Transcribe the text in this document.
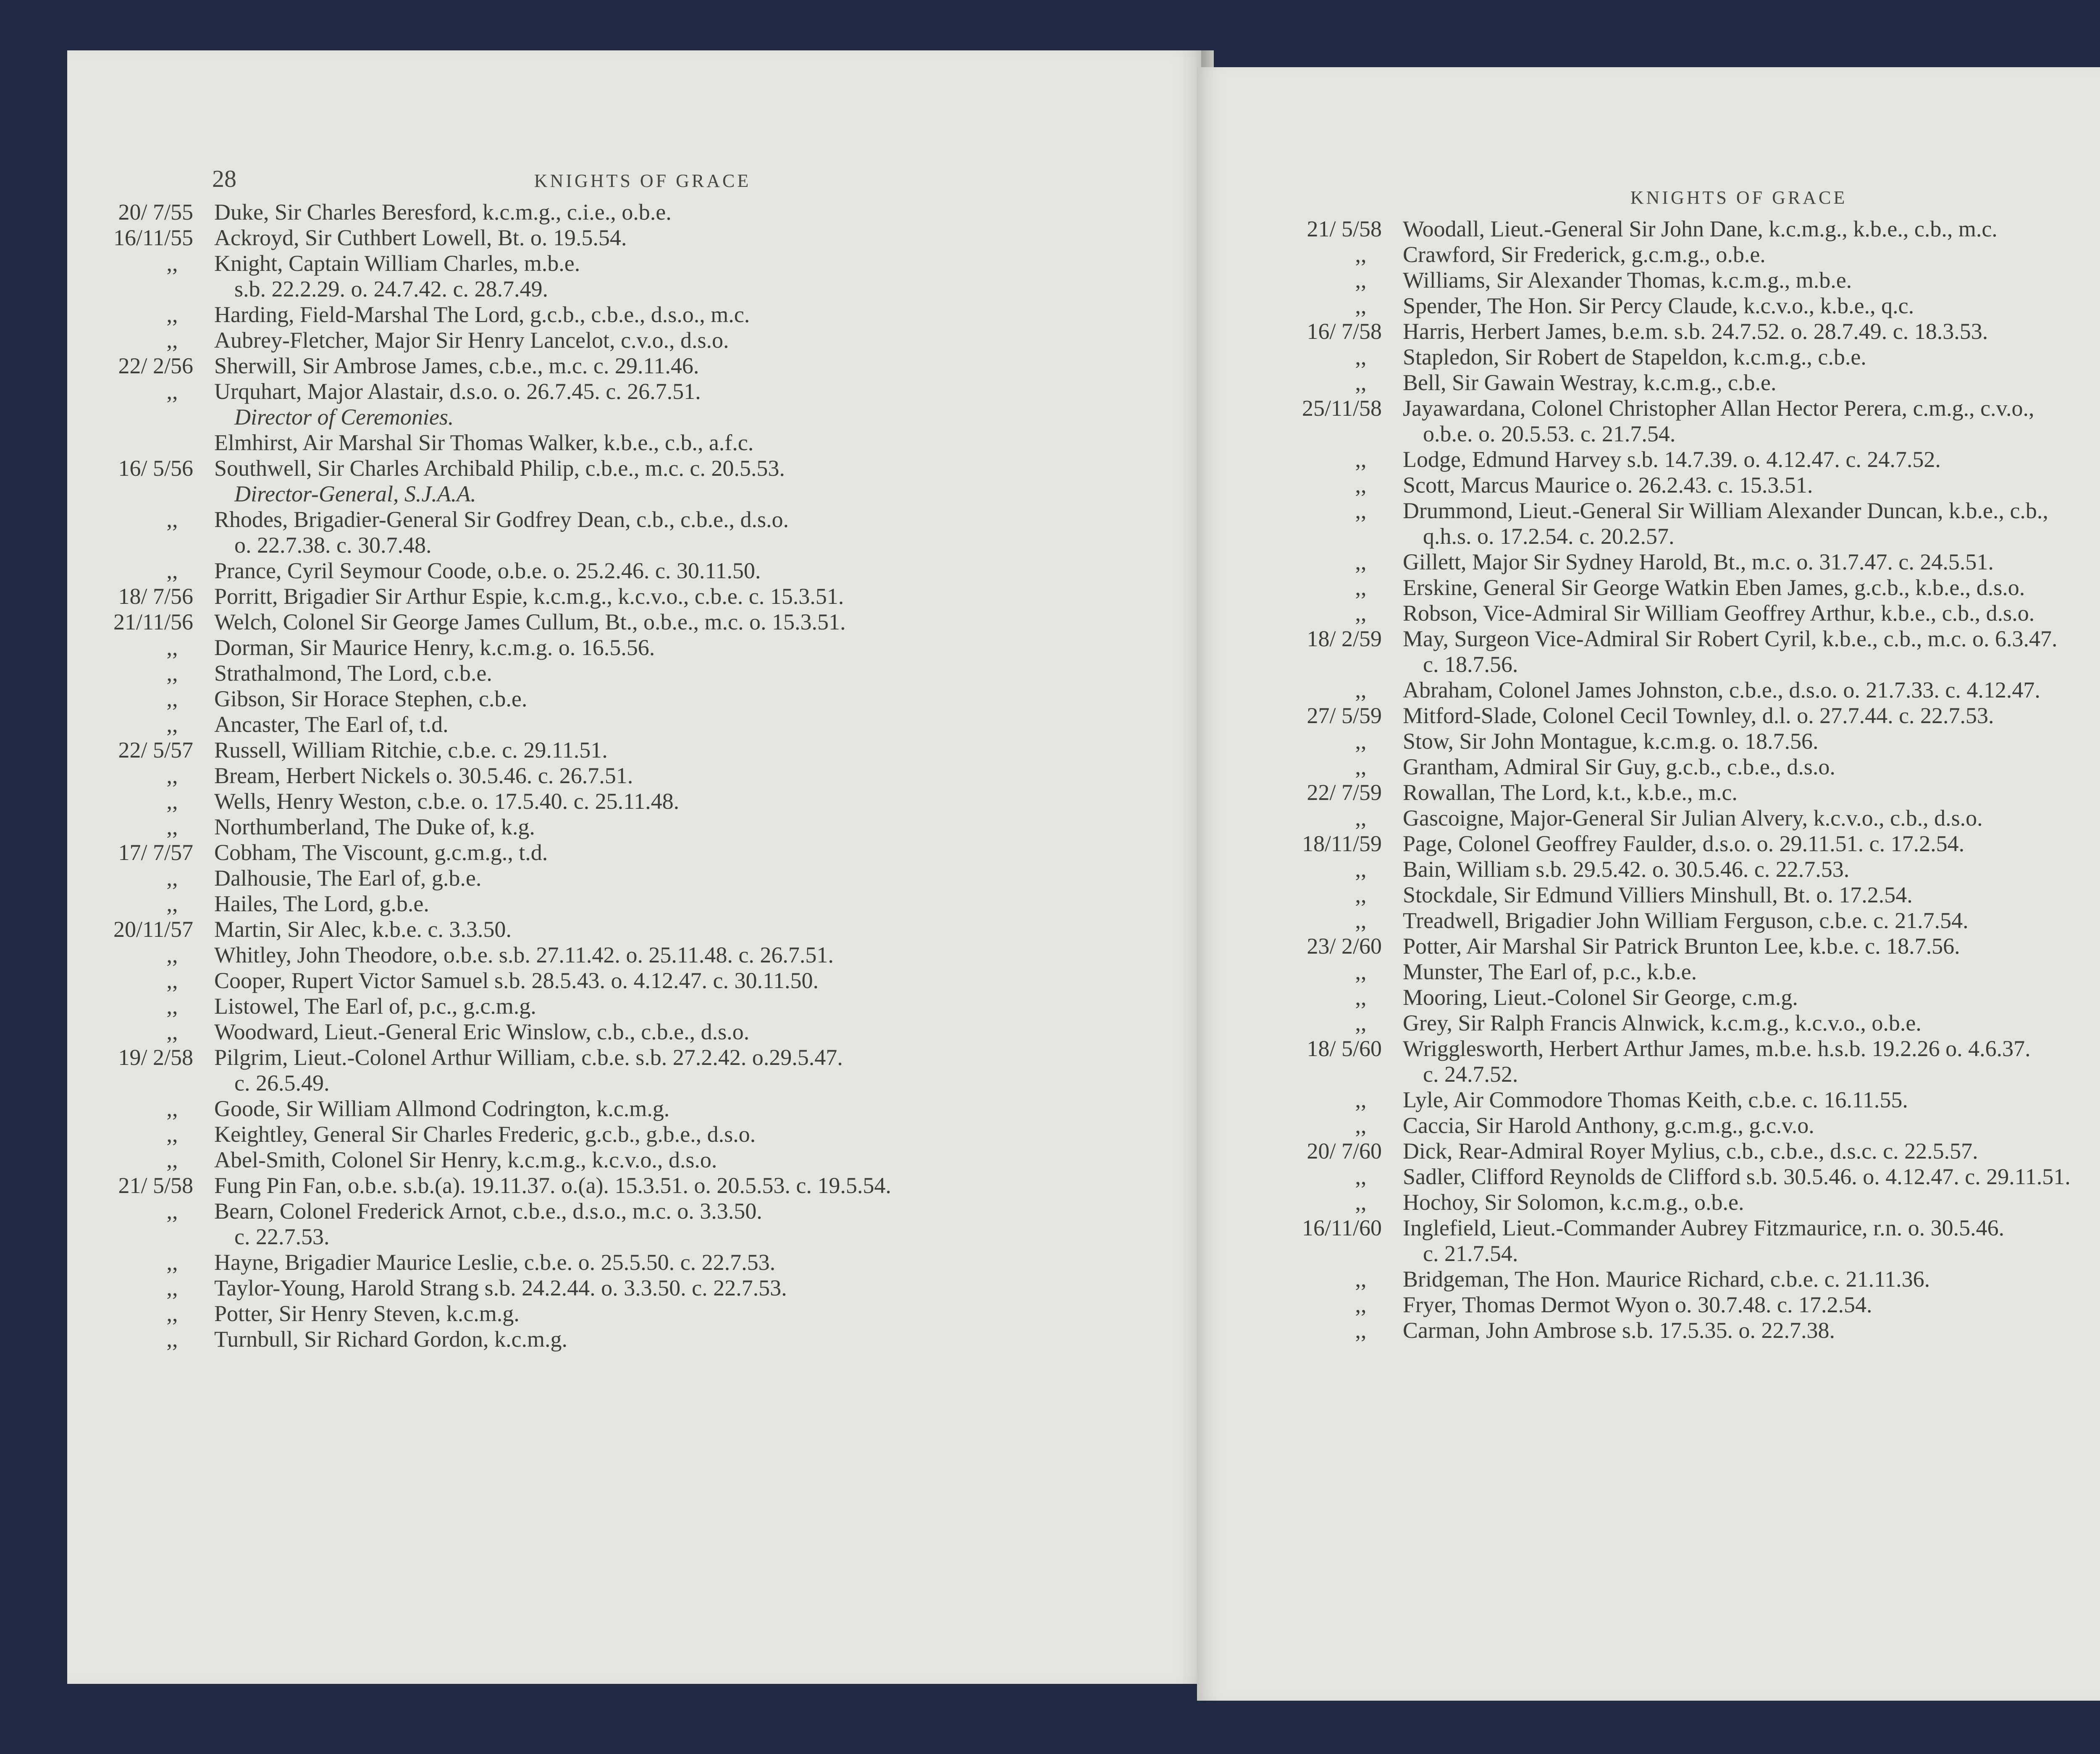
28	KNIGHTS OF GRACE
20/ 7/55 Duke, Sir Charles Beresford, k.c.m.g., c.i.e., o.b.e.
16/11/55 Ackroyd, Sir Cuthbert Lowell, Bt. o. 19.5.54.
,,	Knight, Captain William Charles, m.b.e.
s.b. 22.2.29. o. 24.7.42. c. 28.7.49.
,,	Harding, Field-Marshal The Lord, g.c.b., c.b.e., d.s.o., m.c.
,,	Aubrey-Fletcher, Major Sir Henry Lancelot, c.v.o., d.s.o.
22/ 2/56 Sherwill, Sir Ambrose James, c.b.e., m.c. c. 29.11.46.
,,	Urquhart, Major Alastair, d.s.o. o. 26.7.45. c. 26.7.51.
Director of Ceremonies.
Elmhirst, Air Marshal Sir Thomas Walker, k.b.e., c.b., a.f.c.
16/ 5/56 Southwell, Sir Charles Archibald Philip, c.b.e., m.c. c. 20.5.53.
Director-General, S.J.A.A.
,,	Rhodes, Brigadier-General Sir Godfrey Dean, c.b., c.b.e., d.s.o.
o. 22.7.38. c. 30.7.48.
,,	Prance, Cyril Seymour Coode, o.b.e. o. 25.2.46. c. 30.11.50.
18/ 7/56 Porritt, Brigadier Sir Arthur Espie, k.c.m.g., k.c.v.o., c.b.e. c. 15.3.51.
21/11/56 Welch, Colonel Sir George James Cullum, Bt., o.b.e., m.c. o. 15.3.51.
,,	Dorman, Sir Maurice Henry, k.c.m.g. o. 16.5.56.
,,	Strathalmond, The Lord, c.b.e.
,,	Gibson, Sir Horace Stephen, c.b.e.
,,	Ancaster, The Earl of, t.d.
22/ 5/57 Russell, William Ritchie, c.b.e. c. 29.11.51.
,,	Bream, Herbert Nickels o. 30.5.46. c. 26.7.51.
,,	Wells, Henry Weston, c.b.e. o. 17.5.40. c. 25.11.48.
,,	Northumberland, The Duke of, k.g.
17/ 7/57 Cobham, The Viscount, g.c.m.g., t.d.
,,	Dalhousie, The Earl of, g.b.e.
,,	Hailes, The Lord, g.b.e.
20/11/57 Martin, Sir Alec, k.b.e. c. 3.3.50.
,,	Whitley, John Theodore, o.b.e. s.b. 27.11.42. o. 25.11.48. c. 26.7.51.
,,	Cooper, Rupert Victor Samuel s.b. 28.5.43. o. 4.12.47. c. 30.11.50.
,,	Listowel, The Earl of, p.c., g.c.m.g.
,,	Woodward, Lieut.-General Eric Winslow, c.b., c.b.e., d.s.o.
19/ 2/58 Pilgrim, Lieut.-Colonel Arthur William, c.b.e. s.b. 27.2.42. o.29.5.47.
c. 26.5.49.
,,	Goode, Sir William Allmond Codrington, k.c.m.g.
,,	Keightley, General Sir Charles Frederic, g.c.b., g.b.e., d.s.o.
,,	Abel-Smith, Colonel Sir Henry, k.c.m.g., k.c.v.o., d.s.o.
21/ 5/58 Fung Pin Fan, o.b.e. s.b.(a). 19.11.37. o.(a). 15.3.51. o. 20.5.53. c. 19.5.54.
,,	Bearn, Colonel Frederick Arnot, c.b.e., d.s.o., m.c. o. 3.3.50.
c. 22.7.53.
,,	Hayne, Brigadier Maurice Leslie, c.b.e. o. 25.5.50. c. 22.7.53.
,,	Taylor-Young, Harold Strang s.b. 24.2.44. o. 3.3.50. c. 22.7.53.
,,	Potter, Sir Henry Steven, k.c.m.g.
,,	Turnbull, Sir Richard Gordon, k.c.m.g.
KNIGHTS OF GRACE
21/ 5/58 Woodall, Lieut.-General Sir John Dane, k.c.m.g., k.b.e., c.b., m.c.
,,	Crawford, Sir Frederick, g.c.m.g., o.b.e.
,,	Williams, Sir Alexander Thomas, k.c.m.g., m.b.e.
,,	Spender, The Hon. Sir Percy Claude, k.c.v.o., k.b.e., q.c.
16/ 7/58 Harris, Herbert James, b.e.m. s.b. 24.7.52. o. 28.7.49. c. 18.3.53.
,,	Stapledon, Sir Robert de Stapeldon, k.c.m.g., c.b.e.
,,	Bell, Sir Gawain Westray, k.c.m.g., c.b.e.
25/11/58 Jayawardana, Colonel Christopher Allan Hector Perera, c.m.g., c.v.o.,
o.b.e. o. 20.5.53. c. 21.7.54.
,,	Lodge, Edmund Harvey s.b. 14.7.39. o. 4.12.47. c. 24.7.52.
,,	Scott, Marcus Maurice o. 26.2.43. c. 15.3.51.
,,	Drummond, Lieut.-General Sir William Alexander Duncan, k.b.e., c.b.,
q.h.s. o. 17.2.54. c. 20.2.57.
,,	Gillett, Major Sir Sydney Harold, Bt., m.c. o. 31.7.47. c. 24.5.51.
,,	Erskine, General Sir George Watkin Eben James, g.c.b., k.b.e., d.s.o.
,,	Robson, Vice-Admiral Sir William Geoffrey Arthur, k.b.e., c.b., d.s.o.
18/ 2/59 May, Surgeon Vice-Admiral Sir Robert Cyril, k.b.e., c.b., m.c. o. 6.3.47.
c. 18.7.56.
,,	Abraham, Colonel James Johnston, c.b.e., d.s.o. o. 21.7.33. c. 4.12.47.
27/ 5/59 Mitford-Slade, Colonel Cecil Townley, d.l. o. 27.7.44. c. 22.7.53.
,,	Stow, Sir John Montague, k.c.m.g. o. 18.7.56.
,,	Grantham, Admiral Sir Guy, g.c.b., c.b.e., d.s.o.
22/ 7/59 Rowallan, The Lord, k.t., k.b.e., m.c.
,,	Gascoigne, Major-General Sir Julian Alvery, k.c.v.o., c.b., d.s.o.
18/11/59 Page, Colonel Geoffrey Faulder, d.s.o. o. 29.11.51. c. 17.2.54.
,,	Bain, William s.b. 29.5.42. o. 30.5.46. c. 22.7.53.
,,	Stockdale, Sir Edmund Villiers Minshull, Bt. o. 17.2.54.
,,	Treadwell, Brigadier John William Ferguson, c.b.e. c. 21.7.54.
23/ 2/60 Potter, Air Marshal Sir Patrick Brunton Lee, k.b.e. c. 18.7.56.
,,	Munster, The Earl of, p.c., k.b.e.
,,	Mooring, Lieut.-Colonel Sir George, c.m.g.
,,	Grey, Sir Ralph Francis Alnwick, k.c.m.g., k.c.v.o., o.b.e.
18/ 5/60 Wrigglesworth, Herbert Arthur James, m.b.e. h.s.b. 19.2.26 o. 4.6.37.
c. 24.7.52.
,,	Lyle, Air Commodore Thomas Keith, c.b.e. c. 16.11.55.
,,	Caccia, Sir Harold Anthony, g.c.m.g., g.c.v.o.
20/ 7/60 Dick, Rear-Admiral Royer Mylius, c.b., c.b.e., d.s.c. c. 22.5.57.
,,	Sadler, Clifford Reynolds de Clifford s.b. 30.5.46. o. 4.12.47. c. 29.11.51.
,,	Hochoy, Sir Solomon, k.c.m.g., o.b.e.
16/11/60 Inglefield, Lieut.-Commander Aubrey Fitzmaurice, r.n. o. 30.5.46.
c. 21.7.54.
,,	Bridgeman, The Hon. Maurice Richard, c.b.e. c. 21.11.36.
,,	Fryer, Thomas Dermot Wyon o. 30.7.48. c. 17.2.54.
,,	Carman, John Ambrose s.b. 17.5.35. o. 22.7.38.
